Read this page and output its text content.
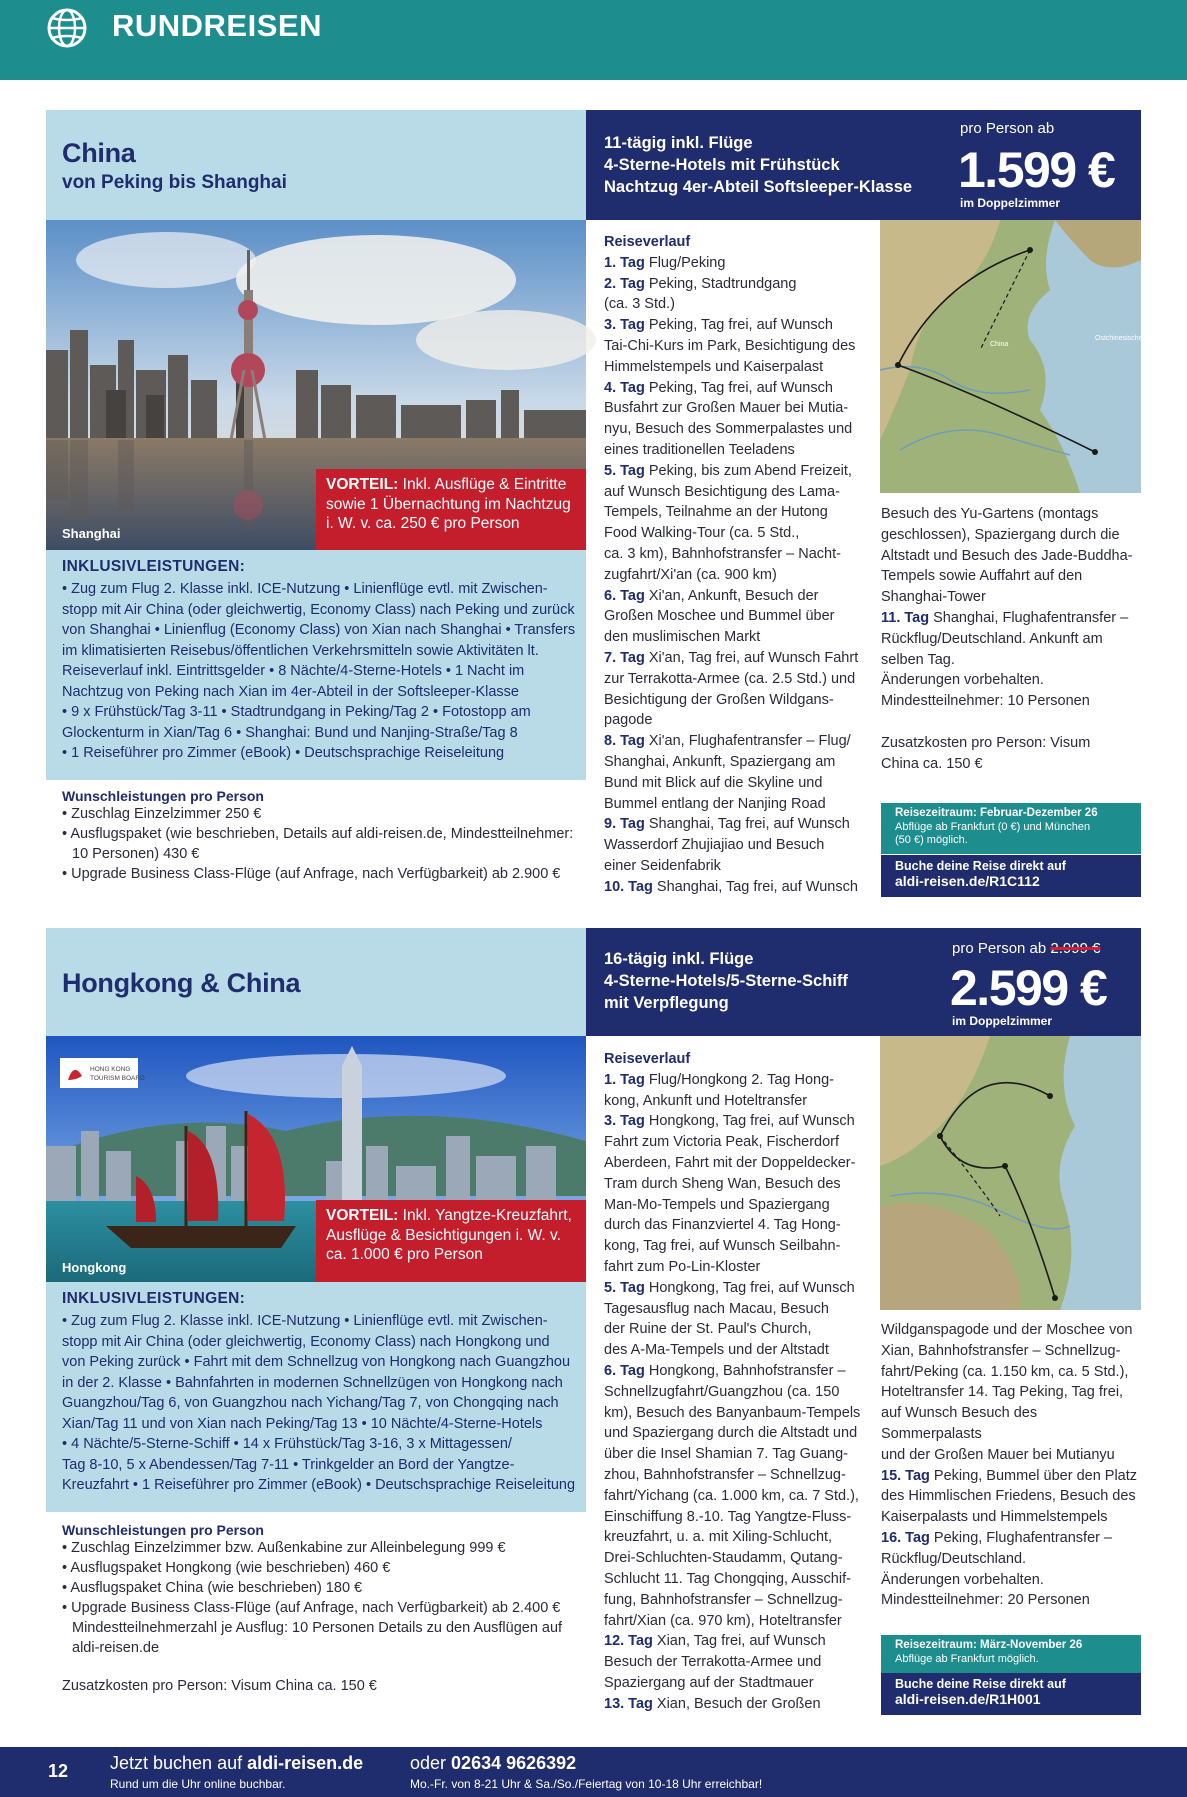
RUNDREISEN
China
von Peking bis Shanghai
Shanghai
VORTEIL: Inkl. Ausflüge & Eintritte
sowie 1 Übernachtung im Nachtzug
i. W. v. ca. 250 € pro Person
INKLUSIVLEISTUNGEN:
• Zug zum Flug 2. Klasse inkl. ICE-Nutzung • Linienflüge evtl. mit Zwischen-
stopp mit Air China (oder gleichwertig, Economy Class) nach Peking und zurück
von Shanghai • Linienflug (Economy Class) von Xian nach Shanghai • Transfers
im klimatisierten Reisebus/öffentlichen Verkehrsmitteln sowie Aktivitäten lt.
Reiseverlauf inkl. Eintrittsgelder • 8 Nächte/4-Sterne-Hotels • 1 Nacht im
Nachtzug von Peking nach Xian im 4er-Abteil in der Softsleeper-Klasse
• 9 x Frühstück/Tag 3-11 • Stadtrundgang in Peking/Tag 2 • Fotostopp am
Glockenturm in Xian/Tag 6 • Shanghai: Bund und Nanjing-Straße/Tag 8
• 1 Reiseführer pro Zimmer (eBook) • Deutschsprachige Reiseleitung
Wunschleistungen pro Person
• Zuschlag Einzelzimmer 250 €
• Ausflugspaket (wie beschrieben, Details auf aldi-reisen.de, Mindestteilnehmer: 10 Personen) 430 €
• Upgrade Business Class-Flüge (auf Anfrage, nach Verfügbarkeit) ab 2.900 €
11-tägig inkl. Flüge
4-Sterne-Hotels mit Frühstück
Nachtzug 4er-Abteil Softsleeper-Klasse
pro Person ab
1.599 €
im Doppelzimmer
Reiseverlauf
1. Tag Flug/Peking
2. Tag Peking, Stadtrundgang
(ca. 3 Std.)
3. Tag Peking, Tag frei, auf Wunsch
Tai-Chi-Kurs im Park, Besichtigung des
Himmelstempels und Kaiserpalast
4. Tag Peking, Tag frei, auf Wunsch
Busfahrt zur Großen Mauer bei Mutia-
nyu, Besuch des Sommerpalastes und
eines traditionellen Teeladens
5. Tag Peking, bis zum Abend Freizeit,
auf Wunsch Besichtigung des Lama-
Tempels, Teilnahme an der Hutong
Food Walking-Tour (ca. 5 Std.,
ca. 3 km), Bahnhofstransfer – Nacht-
zugfahrt/Xi'an (ca. 900 km)
6. Tag Xi'an, Ankunft, Besuch der
Großen Moschee und Bummel über
den muslimischen Markt
7. Tag Xi'an, Tag frei, auf Wunsch Fahrt
zur Terrakotta-Armee (ca. 2.5 Std.) und
Besichtigung der Großen Wildgans-
pagode
8. Tag Xi'an, Flughafentransfer – Flug/
Shanghai, Ankunft, Spaziergang am
Bund mit Blick auf die Skyline und
Bummel entlang der Nanjing Road
9. Tag Shanghai, Tag frei, auf Wunsch
Wasserdorf Zhujiajiao und Besuch
einer Seidenfabrik
10. Tag Shanghai, Tag frei, auf Wunsch
Ostchinesisches Meer
China
Besuch des Yu-Gartens (montags
geschlossen), Spaziergang durch die
Altstadt und Besuch des Jade-Buddha-
Tempels sowie Auffahrt auf den
Shanghai-Tower
11. Tag Shanghai, Flughafentransfer –
Rückflug/Deutschland. Ankunft am
selben Tag.
Änderungen vorbehalten.
Mindestteilnehmer: 10 Personen

Zusatzkosten pro Person: Visum
China ca. 150 €
Reisezeitraum: Februar-Dezember 26
Abflüge ab Frankfurt (0 €) und München
(50 €) möglich.
Buche deine Reise direkt auf
aldi-reisen.de/R1C112
Hongkong & China
HONG KONG
TOURISM BOARD
Hongkong
VORTEIL: Inkl. Yangtze-Kreuzfahrt,
Ausflüge & Besichtigungen i. W. v.
ca. 1.000 € pro Person
INKLUSIVLEISTUNGEN:
• Zug zum Flug 2. Klasse inkl. ICE-Nutzung • Linienflüge evtl. mit Zwischen-
stopp mit Air China (oder gleichwertig, Economy Class) nach Hongkong und
von Peking zurück • Fahrt mit dem Schnellzug von Hongkong nach Guangzhou
in der 2. Klasse • Bahnfahrten in modernen Schnellzügen von Hongkong nach
Guangzhou/Tag 6, von Guangzhou nach Yichang/Tag 7, von Chongqing nach
Xian/Tag 11 und von Xian nach Peking/Tag 13 • 10 Nächte/4-Sterne-Hotels
• 4 Nächte/5-Sterne-Schiff • 14 x Frühstück/Tag 3-16, 3 x Mittagessen/
Tag 8-10, 5 x Abendessen/Tag 7-11 • Trinkgelder an Bord der Yangtze-
Kreuzfahrt • 1 Reiseführer pro Zimmer (eBook) • Deutschsprachige Reiseleitung
Wunschleistungen pro Person
• Zuschlag Einzelzimmer bzw. Außenkabine zur Alleinbelegung 999 €
• Ausflugspaket Hongkong (wie beschrieben) 460 €
• Ausflugspaket China (wie beschrieben) 180 €
• Upgrade Business Class-Flüge (auf Anfrage, nach Verfügbarkeit) ab 2.400 € Mindestteilnehmerzahl je Ausflug: 10 Personen Details zu den Ausflügen auf aldi-reisen.de
Zusatzkosten pro Person: Visum China ca. 150 €
16-tägig inkl. Flüge
4-Sterne-Hotels/5-Sterne-Schiff
mit Verpflegung
pro Person ab 2.999 €
2.599 €
im Doppelzimmer
Reiseverlauf
1. Tag Flug/Hongkong 2. Tag Hong-
kong, Ankunft und Hoteltransfer
3. Tag Hongkong, Tag frei, auf Wunsch
Fahrt zum Victoria Peak, Fischerdorf
Aberdeen, Fahrt mit der Doppeldecker-
Tram durch Sheng Wan, Besuch des
Man-Mo-Tempels und Spaziergang
durch das Finanzviertel 4. Tag Hong-
kong, Tag frei, auf Wunsch Seilbahn-
fahrt zum Po-Lin-Kloster
5. Tag Hongkong, Tag frei, auf Wunsch
Tagesausflug nach Macau, Besuch
der Ruine der St. Paul's Church,
des A-Ma-Tempels und der Altstadt
6. Tag Hongkong, Bahnhofstransfer –
Schnellzugfahrt/Guangzhou (ca. 150
km), Besuch des Banyanbaum-Tempels
und Spaziergang durch die Altstadt und
über die Insel Shamian 7. Tag Guang-
zhou, Bahnhofstransfer – Schnellzug-
fahrt/Yichang (ca. 1.000 km, ca. 7 Std.),
Einschiffung 8.-10. Tag Yangtze-Fluss-
kreuzfahrt, u. a. mit Xiling-Schlucht,
Drei-Schluchten-Staudamm, Qutang-
Schlucht 11. Tag Chongqing, Ausschif-
fung, Bahnhofstransfer – Schnellzug-
fahrt/Xian (ca. 970 km), Hoteltransfer
12. Tag Xian, Tag frei, auf Wunsch
Besuch der Terrakotta-Armee und
Spaziergang auf der Stadtmauer
13. Tag Xian, Besuch der Großen
Wildganspagode und der Moschee von
Xian, Bahnhofstransfer – Schnellzug-
fahrt/Peking (ca. 1.150 km, ca. 5 Std.),
Hoteltransfer 14. Tag Peking, Tag frei,
auf Wunsch Besuch des Sommerpalasts
und der Großen Mauer bei Mutianyu
15. Tag Peking, Bummel über den Platz
des Himmlischen Friedens, Besuch des
Kaiserpalasts und Himmelstempels
16. Tag Peking, Flughafentransfer –
Rückflug/Deutschland.
Änderungen vorbehalten.
Mindestteilnehmer: 20 Personen
Reisezeitraum: März-November 26
Abflüge ab Frankfurt möglich.
Buche deine Reise direkt auf
aldi-reisen.de/R1H001
12 Jetzt buchen auf aldi-reisen.de
Rund um die Uhr online buchbar.
oder 02634 9626392
Mo.-Fr. von 8-21 Uhr & Sa./So./Feiertag von 10-18 Uhr erreichbar!
